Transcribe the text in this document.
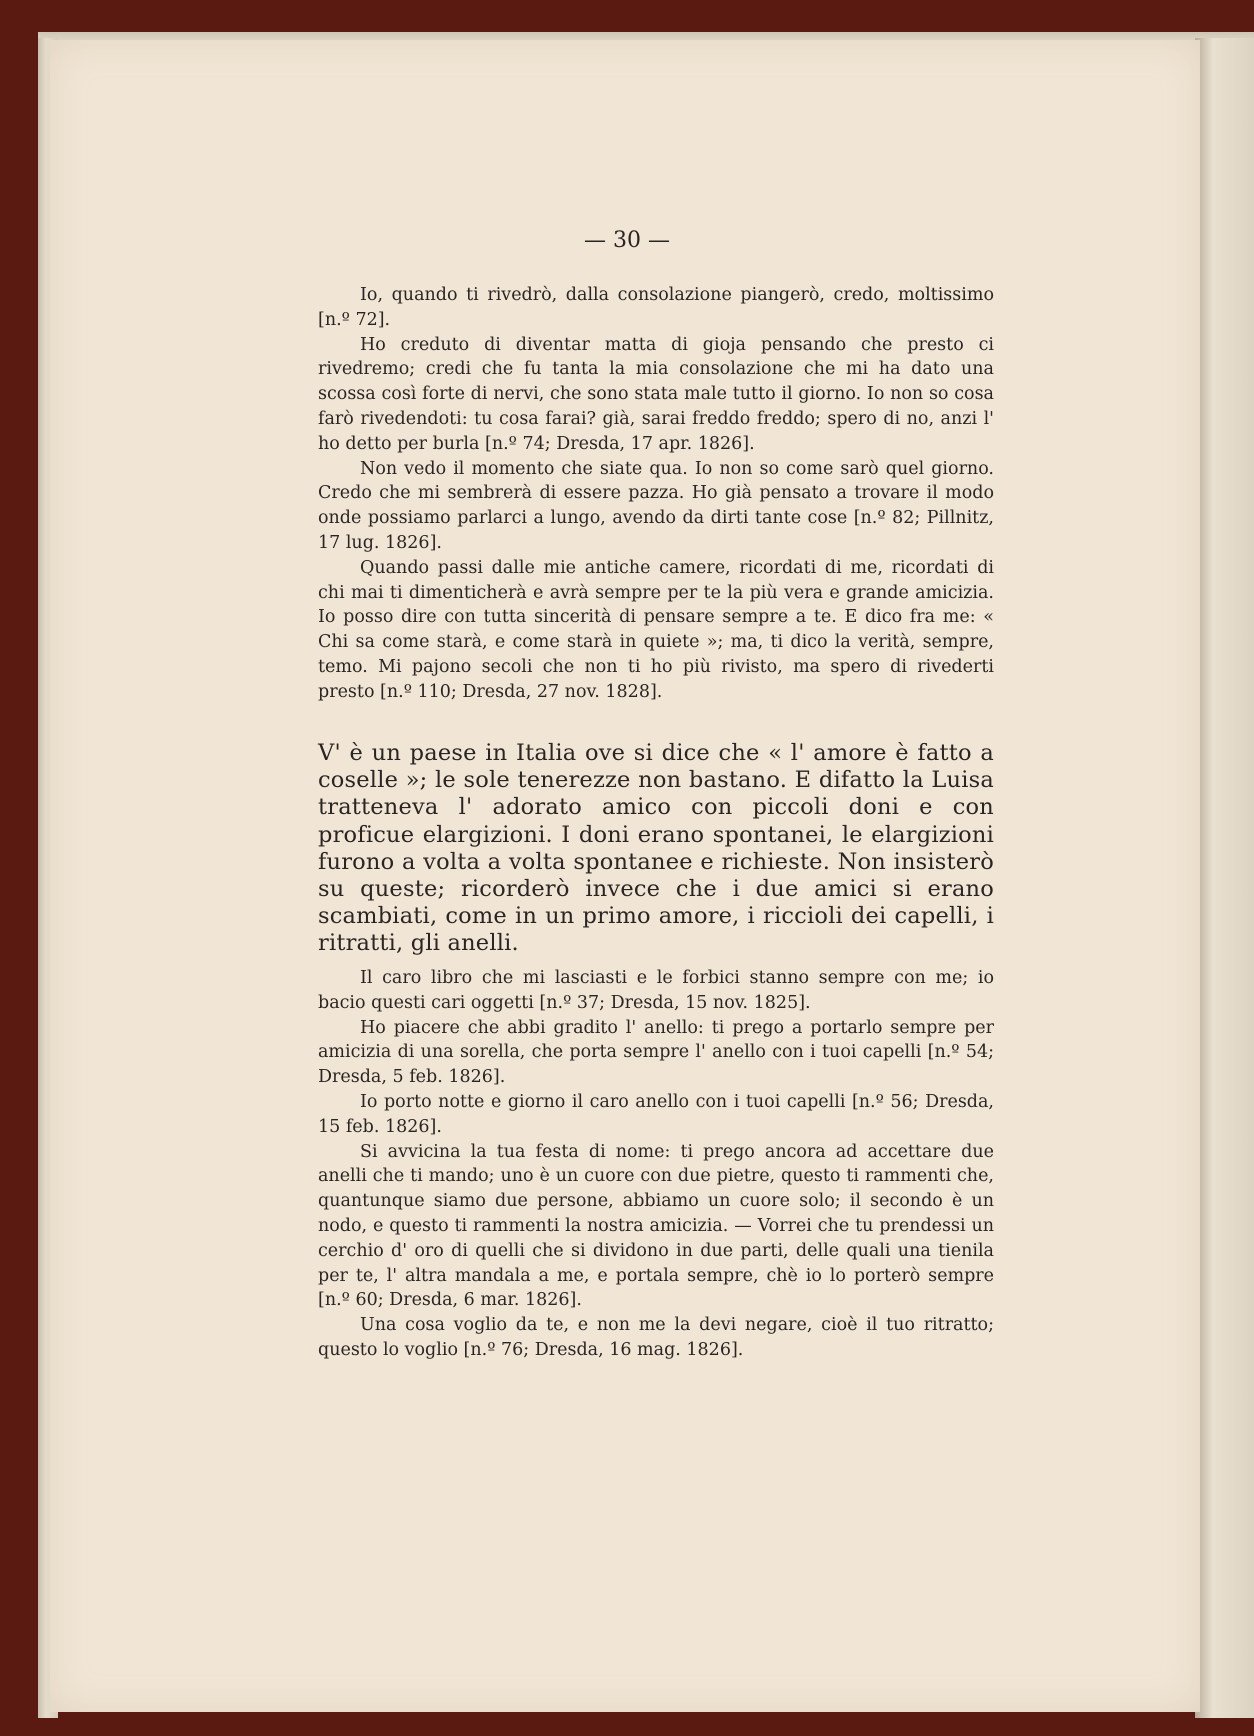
— 30 —

Io, quando ti rivedrò, dalla consolazione piangerò, credo, moltissimo [n.º 72].

Ho creduto di diventar matta di gioja pensando che presto ci rivedremo; credi che fu tanta la mia consolazione che mi ha dato una scossa così forte di nervi, che sono stata male tutto il giorno. Io non so cosa farò rivedendoti: tu cosa farai? già, sarai freddo freddo; spero di no, anzi l' ho detto per burla [n.º 74; Dresda, 17 apr. 1826].

Non vedo il momento che siate qua. Io non so come sarò quel giorno. Credo che mi sembrerà di essere pazza. Ho già pensato a trovare il modo onde possiamo parlarci a lungo, avendo da dirti tante cose [n.º 82; Pillnitz, 17 lug. 1826].

Quando passi dalle mie antiche camere, ricordati di me, ricordati di chi mai ti dimenticherà e avrà sempre per te la più vera e grande amicizia. Io posso dire con tutta sincerità di pensare sempre a te. E dico fra me: « Chi sa come starà, e come starà in quiete »; ma, ti dico la verità, sempre, temo. Mi pajono secoli che non ti ho più rivisto, ma spero di rivederti presto [n.º 110; Dresda, 27 nov. 1828].

V' è un paese in Italia ove si dice che « l' amore è fatto a coselle »; le sole tenerezze non bastano. E difatto la Luisa tratteneva l' adorato amico con piccoli doni e con proficue elargizioni. I doni erano spontanei, le elargizioni furono a volta a volta spontanee e richieste. Non insisterò su queste; ricorderò invece che i due amici si erano scambiati, come in un primo amore, i riccioli dei capelli, i ritratti, gli anelli.

Il caro libro che mi lasciasti e le forbici stanno sempre con me; io bacio questi cari oggetti [n.º 37; Dresda, 15 nov. 1825].

Ho piacere che abbi gradito l' anello: ti prego a portarlo sempre per amicizia di una sorella, che porta sempre l' anello con i tuoi capelli [n.º 54; Dresda, 5 feb. 1826].

Io porto notte e giorno il caro anello con i tuoi capelli [n.º 56; Dresda, 15 feb. 1826].

Si avvicina la tua festa di nome: ti prego ancora ad accettare due anelli che ti mando; uno è un cuore con due pietre, questo ti rammenti che, quantunque siamo due persone, abbiamo un cuore solo; il secondo è un nodo, e questo ti rammenti la nostra amicizia. — Vorrei che tu prendessi un cerchio d' oro di quelli che si dividono in due parti, delle quali una tienila per te, l' altra mandala a me, e portala sempre, chè io lo porterò sempre [n.º 60; Dresda, 6 mar. 1826].

Una cosa voglio da te, e non me la devi negare, cioè il tuo ritratto; questo lo voglio [n.º 76; Dresda, 16 mag. 1826].
